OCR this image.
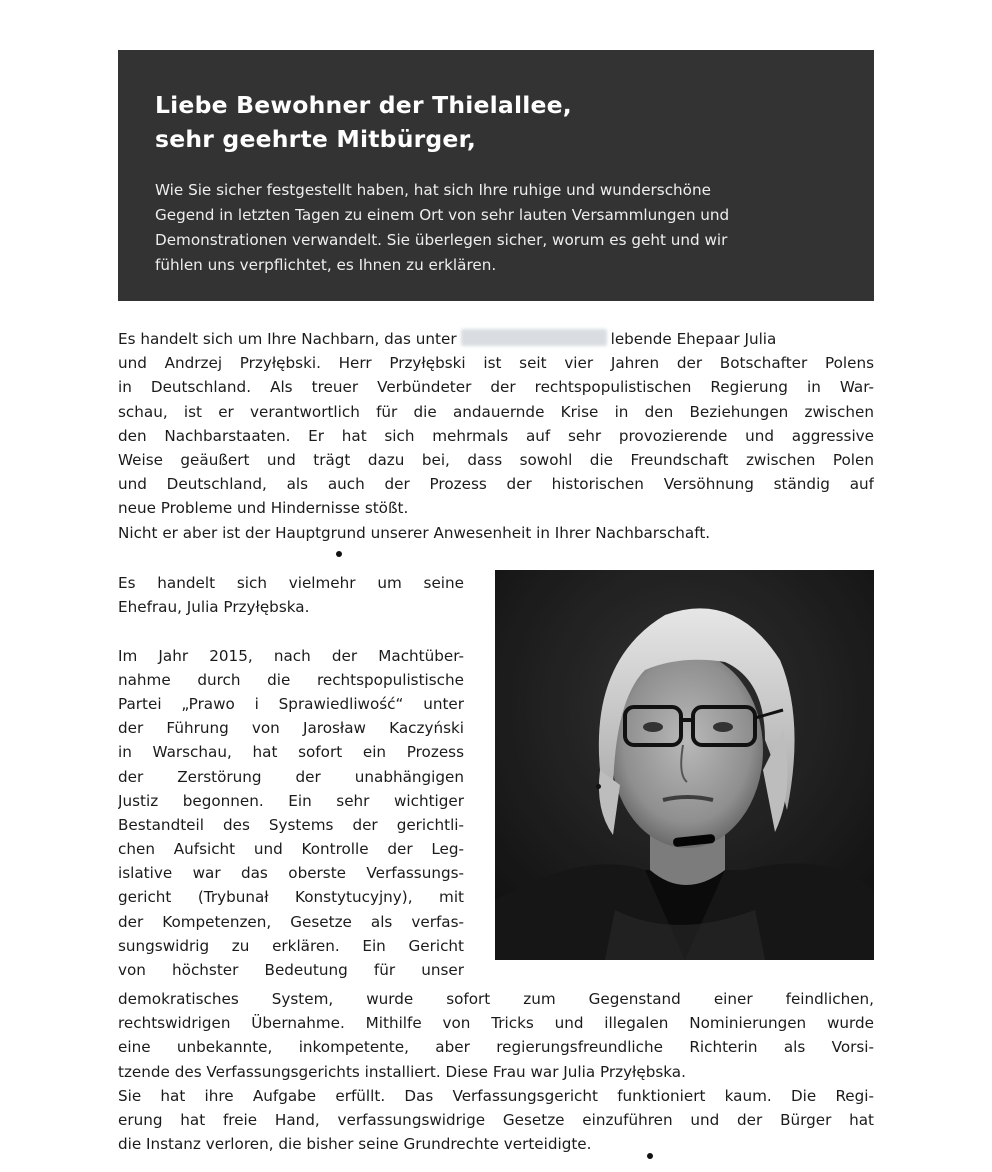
Liebe Bewohner der Thielallee,
sehr geehrte Mitbürger,

Wie Sie sicher festgestellt haben, hat sich Ihre ruhige und wunderschöne
Gegend in letzten Tagen zu einem Ort von sehr lauten Versammlungen und
Demonstrationen verwandelt. Sie überlegen sicher, worum es geht und wir
fühlen uns verpflichtet, es Ihnen zu erklären.

Es handelt sich um Ihre Nachbarn, das unter	lebende Ehepaar Julia
und Andrzej Przyłębski. Herr Przyłębski ist seit vier Jahren der Botschafter Polens
in Deutschland. Als treuer Verbündeter der rechtspopulistischen Regierung in War-
schau, ist er verantwortlich für die andauernde Krise in den Beziehungen zwischen
den Nachbarstaaten. Er hat sich mehrmals auf sehr provozierende und aggressive
Weise geäußert und trägt dazu bei, dass sowohl die Freundschaft zwischen Polen
und Deutschland, als auch der Prozess der historischen Versöhnung ständig auf
neue Probleme und Hindernisse stößt.
Nicht er aber ist der Hauptgrund unserer Anwesenheit in Ihrer Nachbarschaft.
Es handelt sich vielmehr um seine
Ehefrau, Julia Przyłębska.
Im Jahr 2015, nach der Machtüber-
nahme durch die rechtspopulistische
Partei „Prawo i Sprawiedliwość“ unter
der Führung von Jarosław Kaczyński
in Warschau, hat sofort ein Prozess
der Zerstörung der unabhängigen
Justiz begonnen. Ein sehr wichtiger
Bestandteil des Systems der gerichtli-
chen Aufsicht und Kontrolle der Leg-
islative war das oberste Verfassungs-
gericht (Trybunał Konstytucyjny), mit
der Kompetenzen, Gesetze als verfas-
sungswidrig zu erklären. Ein Gericht
von höchster Bedeutung für unser
demokratisches System, wurde sofort zum Gegenstand einer feindlichen,
rechtswidrigen Übernahme. Mithilfe von Tricks und illegalen Nominierungen wurde
eine unbekannte, inkompetente, aber regierungsfreundliche Richterin als Vorsi-
tzende des Verfassungsgerichts installiert. Diese Frau war Julia Przyłębska.
Sie hat ihre Aufgabe erfüllt. Das Verfassungsgericht funktioniert kaum. Die Regi-
erung hat freie Hand, verfassungswidrige Gesetze einzuführen und der Bürger hat
die Instanz verloren, die bisher seine Grundrechte verteidigte.
